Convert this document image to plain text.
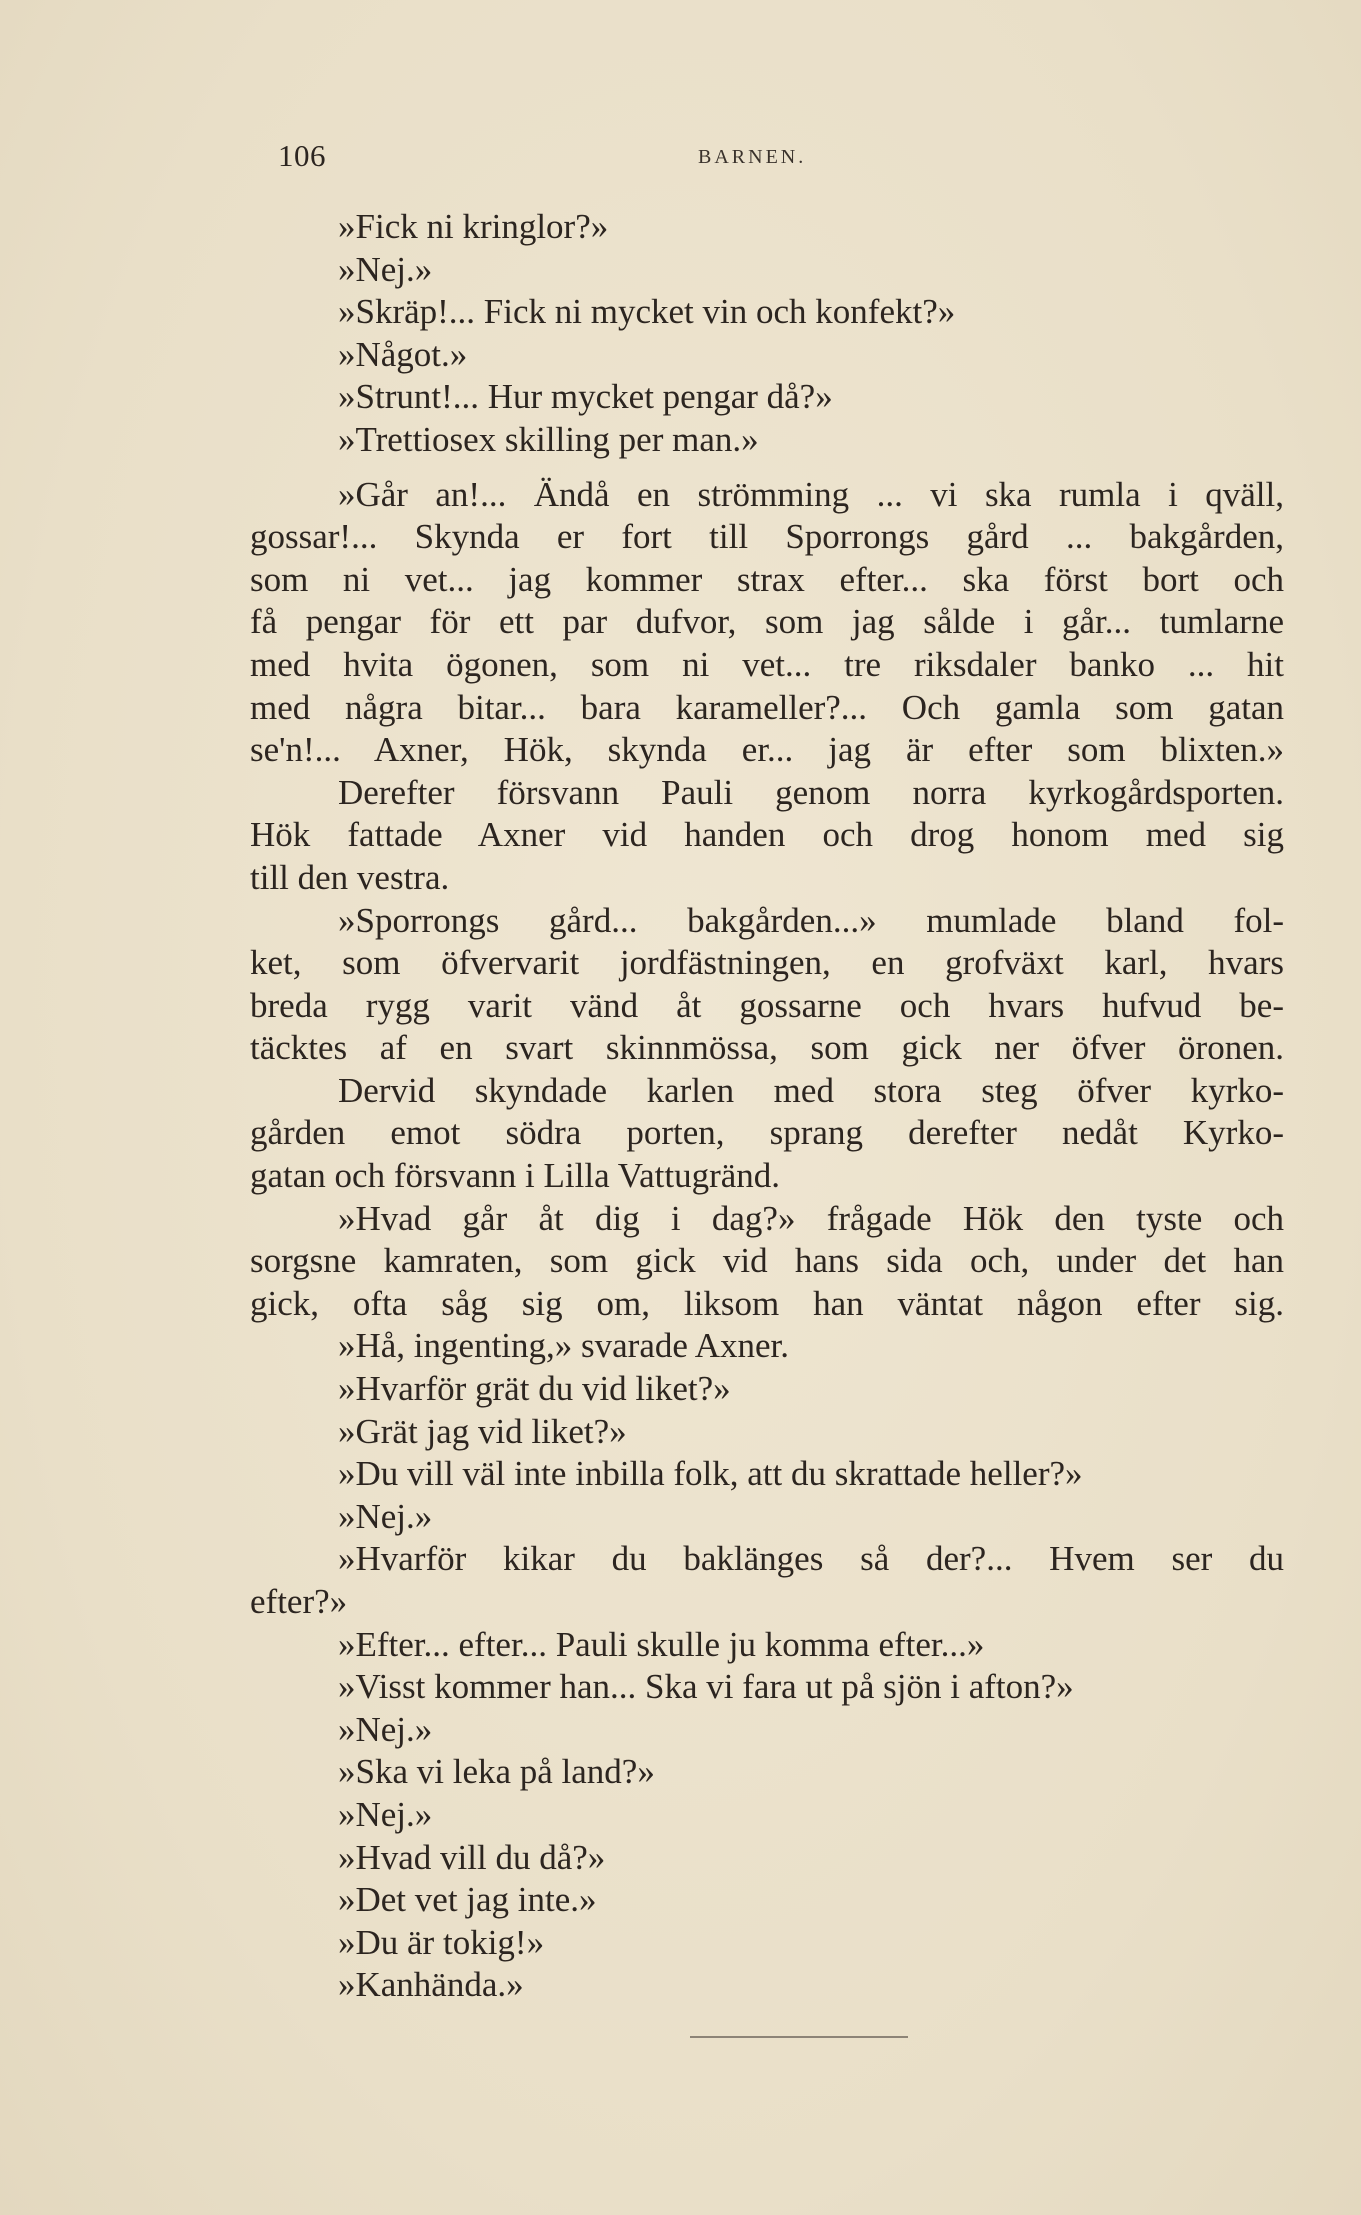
106	BARNEN.
»Fick ni kringlor?»
»Nej.»
»Skräp!... Fick ni mycket vin och konfekt?»
»Något.»
»Strunt!... Hur mycket pengar då?»
»Trettiosex skilling per man.»
»Går an!... Ändå en strömming ... vi ska rumla i qväll,
gossar!... Skynda er fort till Sporrongs gård ... bakgården,
som ni vet... jag kommer strax efter... ska först bort och
få pengar för ett par dufvor, som jag sålde i går... tumlarne
med hvita ögonen, som ni vet... tre riksdaler banko ... hit
med några bitar... bara karameller?... Och gamla som gatan
se'n!... Axner, Hök, skynda er... jag är efter som blixten.»
Derefter försvann Pauli genom norra kyrkogårdsporten.
Hök fattade Axner vid handen och drog honom med sig
till den vestra.
»Sporrongs gård... bakgården...» mumlade bland fol-
ket, som öfvervarit jordfästningen, en grofväxt karl, hvars
breda rygg varit vänd åt gossarne och hvars hufvud be-
täcktes af en svart skinnmössa, som gick ner öfver öronen.
Dervid skyndade karlen med stora steg öfver kyrko-
gården emot södra porten, sprang derefter nedåt Kyrko-
gatan och försvann i Lilla Vattugränd.
»Hvad går åt dig i dag?» frågade Hök den tyste och
sorgsne kamraten, som gick vid hans sida och, under det han
gick, ofta såg sig om, liksom han väntat någon efter sig.
»Hå, ingenting,» svarade Axner.
»Hvarför grät du vid liket?»
»Grät jag vid liket?»
»Du vill väl inte inbilla folk, att du skrattade heller?»
»Nej.»
»Hvarför kikar du baklänges så der?... Hvem ser du
efter?»
»Efter... efter... Pauli skulle ju komma efter...»
»Visst kommer han... Ska vi fara ut på sjön i afton?»
»Nej.»
»Ska vi leka på land?»
»Nej.»
»Hvad vill du då?»
»Det vet jag inte.»
»Du är tokig!»
»Kanhända.»
